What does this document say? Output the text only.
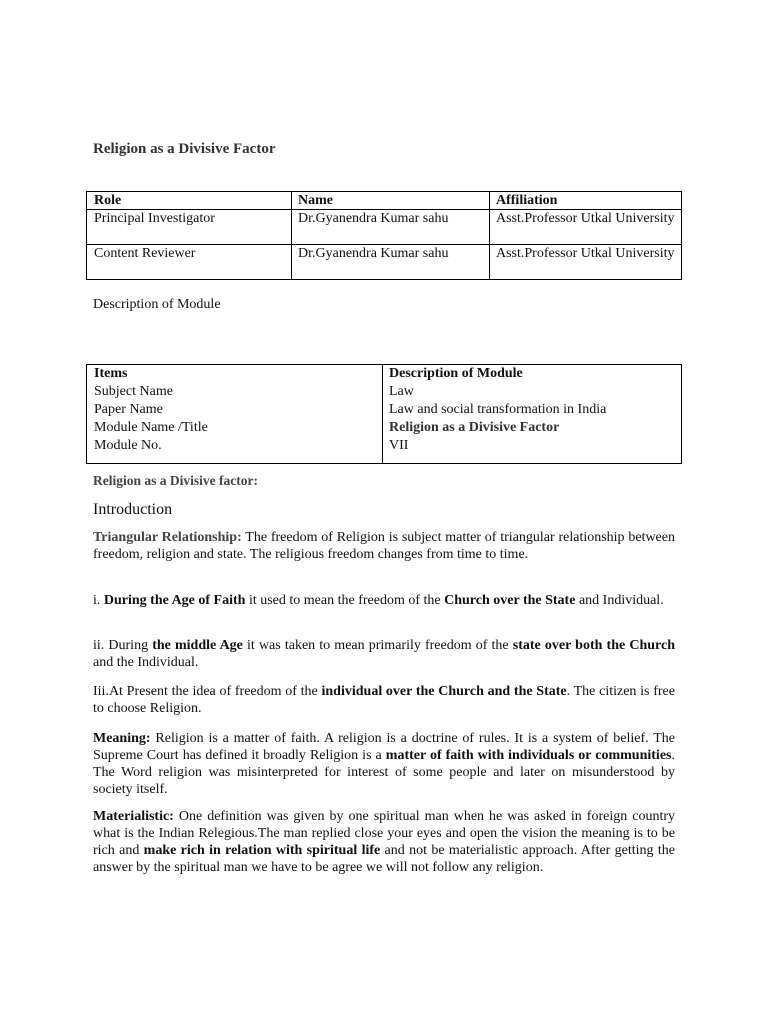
Religion as a Divisive Factor
Role	Name	Affiliation

Principal Investigator	Dr.Gyanendra Kumar sahu	Asst.Professor Utkal University

Content Reviewer	Dr.Gyanendra Kumar sahu	Asst.Professor Utkal University
Description of Module
Items	Description of Module

Subject Name	Law

Paper Name	Law and social transformation in India

Module Name /Title	Religion as a Divisive Factor

Module No.	VII
Religion as a Divisive factor:
Introduction

Triangular Relationship: The freedom of Religion is subject matter of triangular relationship between freedom, religion and state. The religious freedom changes from time to time.

i. During the Age of Faith it used to mean the freedom of the Church over the State and Individual.

ii. During the middle Age it was taken to mean primarily freedom of the state over both the Church and the Individual.

Iii.At Present the idea of freedom of the individual over the Church and the State. The citizen is free to choose Religion.

Meaning: Religion is a matter of faith. A religion is a doctrine of rules. It is a system of belief. The Supreme Court has defined it broadly Religion is a matter of faith with individuals or communities. The Word religion was misinterpreted for interest of some people and later on misunderstood by society itself.

Materialistic: One definition was given by one spiritual man when he was asked in foreign country what is the Indian Relegious.The man replied close your eyes and open the vision the meaning is to be rich and make rich in relation with spiritual life and not be materialistic approach. After getting the answer by the spiritual man we have to be agree we will not follow any religion.
